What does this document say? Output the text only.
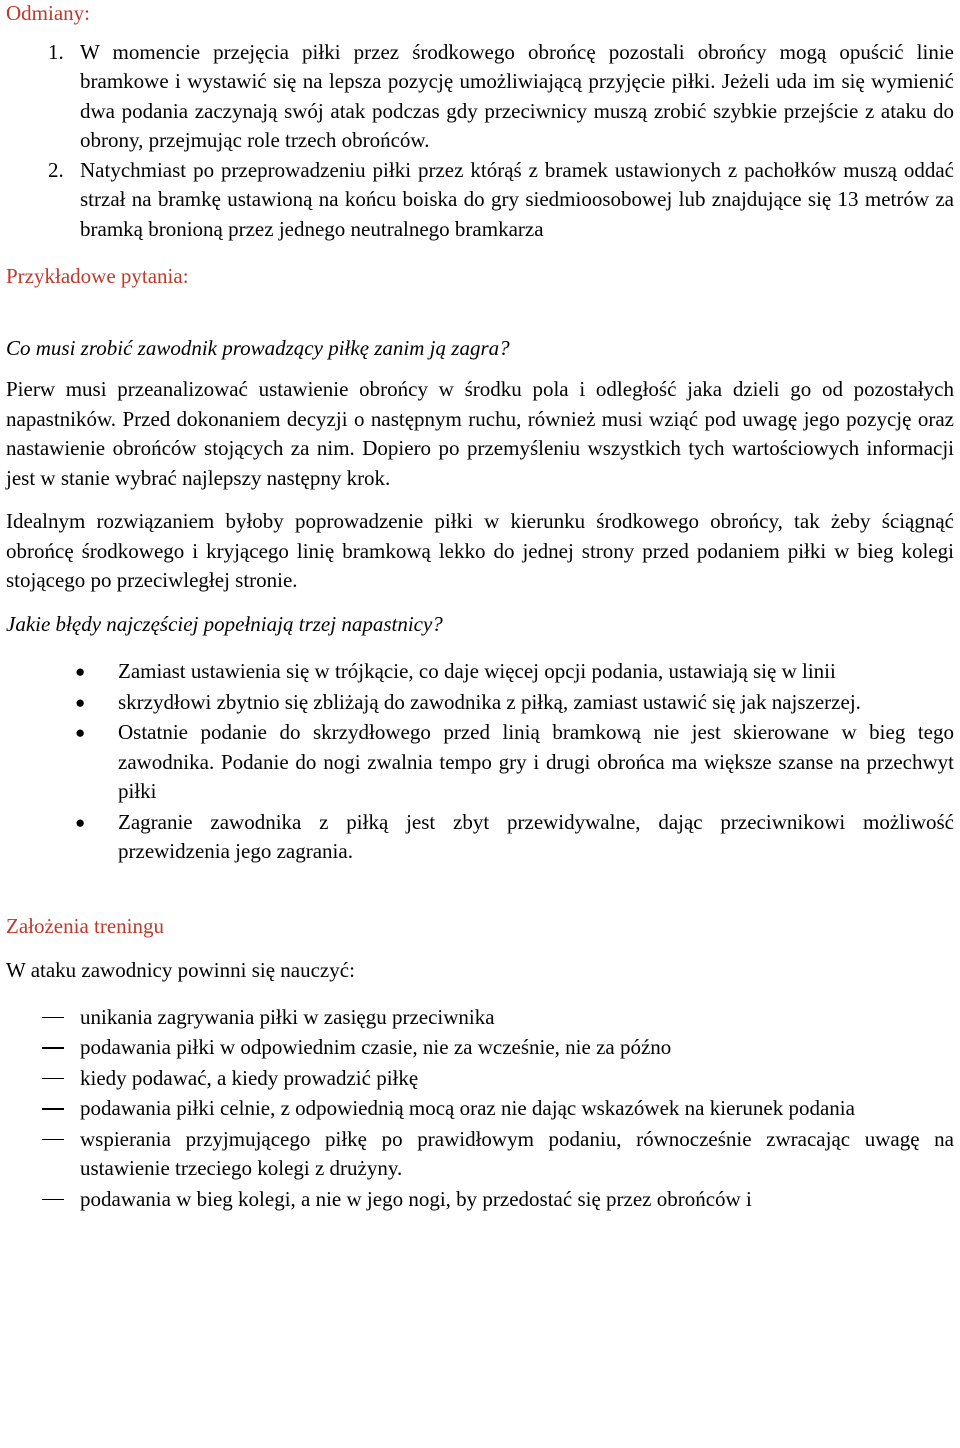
Odmiany:

1. W momencie przejęcia piłki przez środkowego obrońcę pozostali obrońcy mogą opuścić linie bramkowe i wystawić się na lepsza pozycję umożliwiającą przyjęcie piłki. Jeżeli uda im się wymienić dwa podania zaczynają swój atak podczas gdy przeciwnicy muszą zrobić szybkie przejście z ataku do obrony, przejmując role trzech obrońców.
2. Natychmiast po przeprowadzeniu piłki przez którąś z bramek ustawionych z pachołków muszą oddać strzał na bramkę ustawioną na końcu boiska do gry siedmioosobowej lub znajdujące się 13 metrów za bramką bronioną przez jednego neutralnego bramkarza

Przykładowe pytania:

Co musi zrobić zawodnik prowadzący piłkę zanim ją zagra?

Pierw musi przeanalizować ustawienie obrońcy w środku pola i odległość jaka dzieli go od pozostałych napastników. Przed dokonaniem decyzji o następnym ruchu, również musi wziąć pod uwagę jego pozycję oraz nastawienie obrońców stojących za nim. Dopiero po przemyśleniu wszystkich tych wartościowych informacji jest w stanie wybrać najlepszy następny krok.

Idealnym rozwiązaniem byłoby poprowadzenie piłki w kierunku środkowego obrońcy, tak żeby ściągnąć obrońcę środkowego i kryjącego linię bramkową lekko do jednej strony przed podaniem piłki w bieg kolegi stojącego po przeciwległej stronie.

Jakie błędy najczęściej popełniają trzej napastnicy?

● Zamiast ustawienia się w trójkącie, co daje więcej opcji podania, ustawiają się w linii
● skrzydłowi zbytnio się zbliżają do zawodnika z piłką, zamiast ustawić się jak najszerzej.
● Ostatnie podanie do skrzydłowego przed linią bramkową nie jest skierowane w bieg tego zawodnika. Podanie do nogi zwalnia tempo gry i drugi obrońca ma większe szanse na przechwyt piłki
● Zagranie zawodnika z piłką jest zbyt przewidywalne, dając przeciwnikowi możliwość przewidzenia jego zagrania.

Założenia treningu

W ataku zawodnicy powinni się nauczyć:

unikania zagrywania piłki w zasięgu przeciwnika
podawania piłki w odpowiednim czasie, nie za wcześnie, nie za późno
kiedy podawać, a kiedy prowadzić piłkę
podawania piłki celnie, z odpowiednią mocą oraz nie dając wskazówek na kierunek podania
wspierania przyjmującego piłkę po prawidłowym podaniu, równocześnie zwracając uwagę na ustawienie trzeciego kolegi z drużyny.
podawania w bieg kolegi, a nie w jego nogi, by przedostać się przez obrońców i
